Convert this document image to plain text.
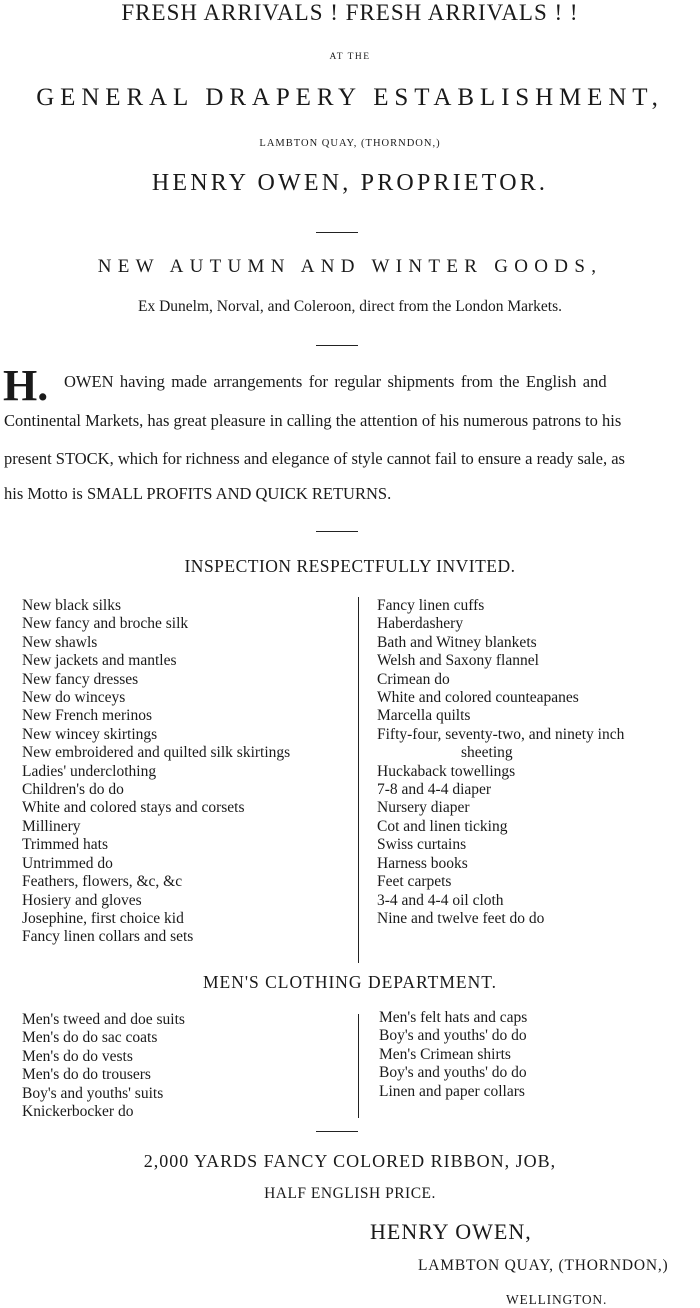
FRESH ARRIVALS ! FRESH ARRIVALS ! !
AT THE
GENERAL DRAPERY ESTABLISHMENT,
LAMBTON QUAY, (THORNDON,)
HENRY OWEN, PROPRIETOR.
NEW AUTUMN AND WINTER GOODS,
Ex Dunelm, Norval, and Coleroon, direct from the London Markets.
H. OWEN having made arrangements for regular shipments from the English and
Continental Markets, has great pleasure in calling the attention of his numerous patrons to his
present STOCK, which for richness and elegance of style cannot fail to ensure a ready sale, as
his Motto is SMALL PROFITS AND QUICK RETURNS.
INSPECTION RESPECTFULLY INVITED.
New black silks
New fancy and broche silk
New shawls
New jackets and mantles
New fancy dresses
New do winceys
New French merinos
New wincey skirtings
New embroidered and quilted silk skirtings
Ladies' underclothing
Children's do do
White and colored stays and corsets
Millinery
Trimmed hats
Untrimmed do
Feathers, flowers, &c, &c
Hosiery and gloves
Josephine, first choice kid
Fancy linen collars and sets
Fancy linen cuffs
Haberdashery
Bath and Witney blankets
Welsh and Saxony flannel
Crimean do
White and colored counteapanes
Marcella quilts
Fifty-four, seventy-two, and ninety inch
sheeting
Huckaback towellings
7-8 and 4-4 diaper
Nursery diaper
Cot and linen ticking
Swiss curtains
Harness books
Feet carpets
3-4 and 4-4 oil cloth
Nine and twelve feet do do
MEN'S CLOTHING DEPARTMENT.
Men's tweed and doe suits
Men's do do sac coats
Men's do do vests
Men's do do trousers
Boy's and youths' suits
Knickerbocker do
Men's felt hats and caps
Boy's and youths' do do
Men's Crimean shirts
Boy's and youths' do do
Linen and paper collars
2,000 YARDS FANCY COLORED RIBBON, JOB,
HALF ENGLISH PRICE.
HENRY OWEN,
LAMBTON QUAY, (THORNDON,)
WELLINGTON.
